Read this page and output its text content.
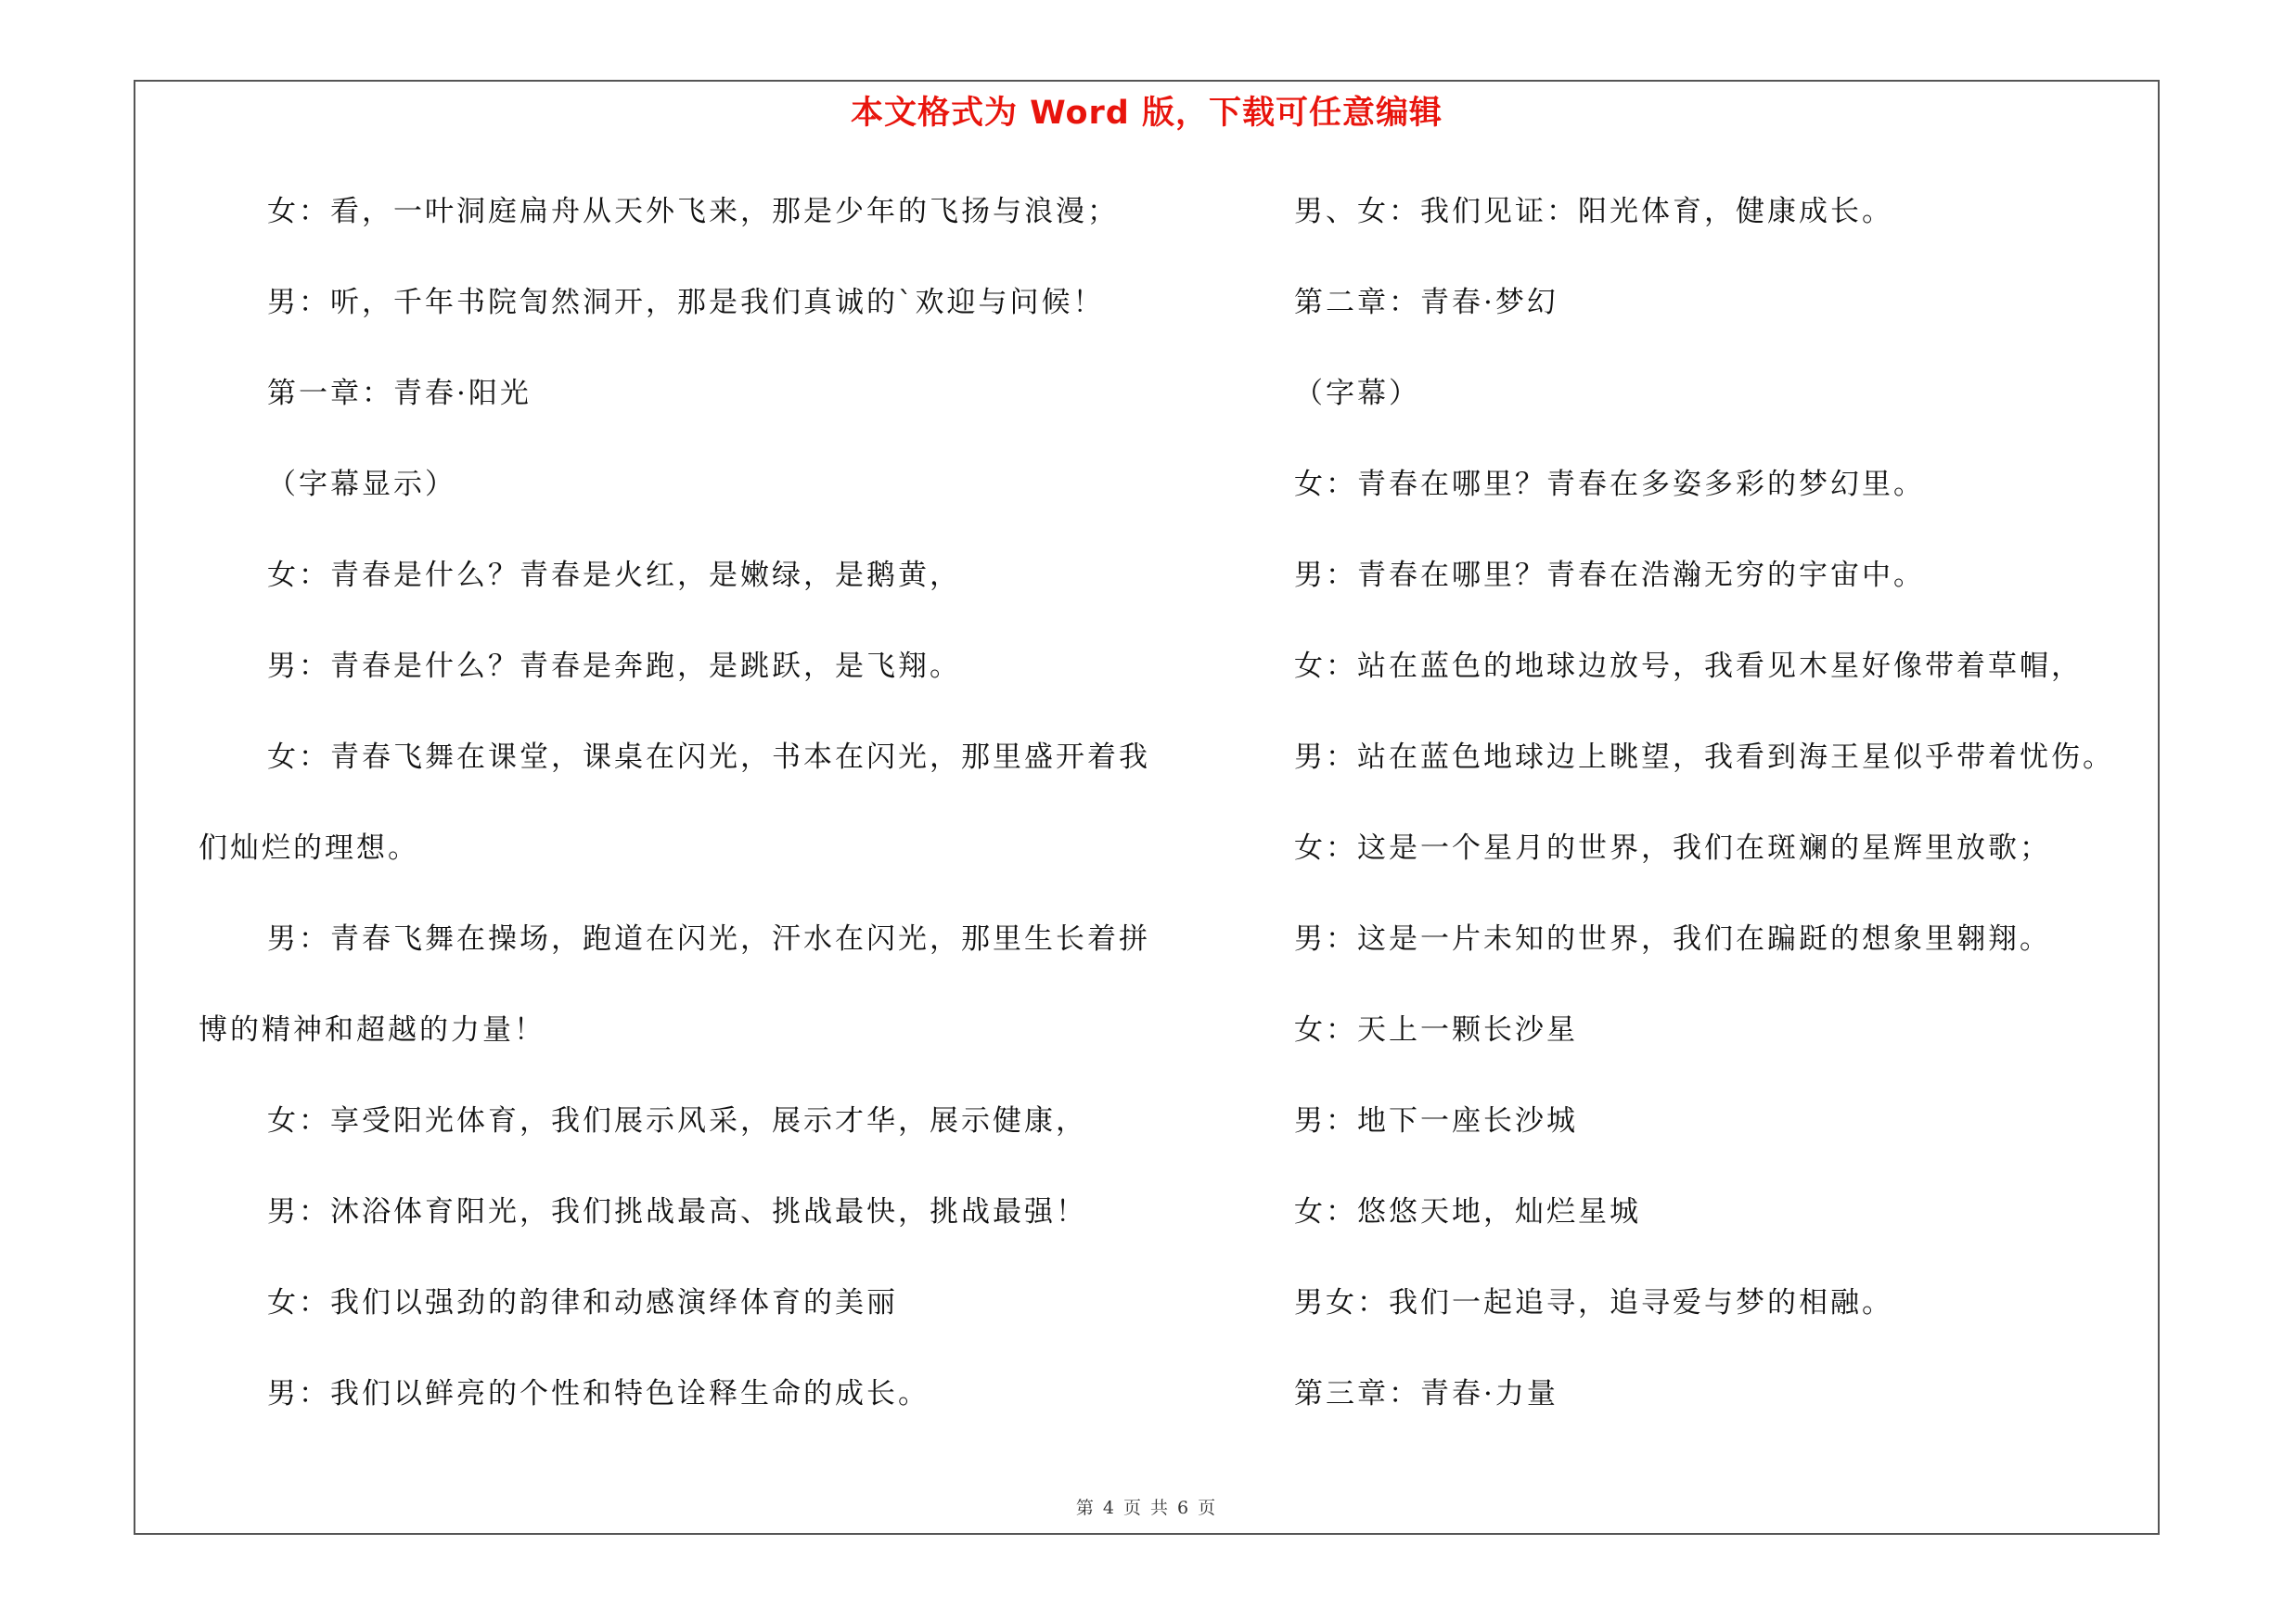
本文格式为 Word 版，下载可任意编辑
女：看，一叶洞庭扁舟从天外飞来，那是少年的飞扬与浪漫；
男：听，千年书院訇然洞开，那是我们真诚的`欢迎与问候！
第一章：青春·阳光
（字幕显示）
女：青春是什么？青春是火红，是嫩绿，是鹅黄，
男：青春是什么？青春是奔跑，是跳跃，是飞翔。
女：青春飞舞在课堂，课桌在闪光，书本在闪光，那里盛开着我
们灿烂的理想。
男：青春飞舞在操场，跑道在闪光，汗水在闪光，那里生长着拼
博的精神和超越的力量！
女：享受阳光体育，我们展示风采，展示才华，展示健康，
男：沐浴体育阳光，我们挑战最高、挑战最快，挑战最强！
女：我们以强劲的韵律和动感演绎体育的美丽
男：我们以鲜亮的个性和特色诠释生命的成长。
男、女：我们见证：阳光体育，健康成长。
第二章：青春·梦幻
（字幕）
女：青春在哪里？青春在多姿多彩的梦幻里。
男：青春在哪里？青春在浩瀚无穷的宇宙中。
女：站在蓝色的地球边放号，我看见木星好像带着草帽，
男：站在蓝色地球边上眺望，我看到海王星似乎带着忧伤。
女：这是一个星月的世界，我们在斑斓的星辉里放歌；
男：这是一片未知的世界，我们在蹁跹的想象里翱翔。
女：天上一颗长沙星
男：地下一座长沙城
女：悠悠天地，灿烂星城
男女：我们一起追寻，追寻爱与梦的相融。
第三章：青春·力量
第 4 页 共 6 页
